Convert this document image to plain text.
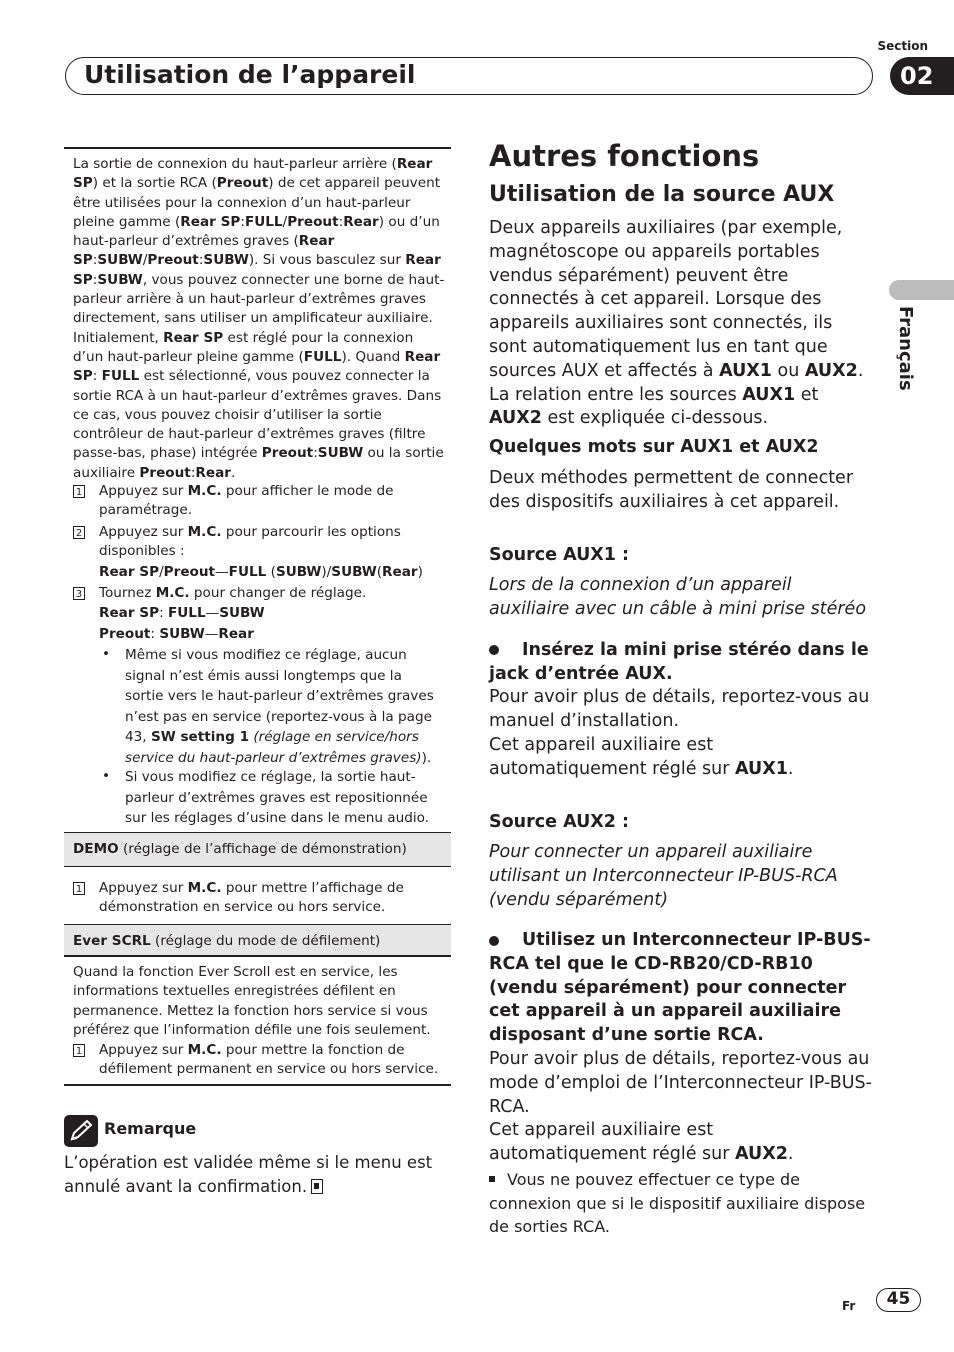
Section
Utilisation de l’appareil	02
Français
La sortie de connexion du haut-parleur arrière (Rear SP) et la sortie RCA (Preout) de cet appareil peuvent être utilisées pour la connexion d’un haut-parleur pleine gamme (Rear SP:FULL/Preout:Rear) ou d’un haut-parleur d’extrêmes graves (Rear SP:SUBW/Preout:SUBW). Si vous basculez sur Rear SP:SUBW, vous pouvez connecter une borne de haut-parleur arrière à un haut-parleur d’extrêmes graves directement, sans utiliser un amplificateur auxiliaire. Initialement, Rear SP est réglé pour la connexion d’un haut-parleur pleine gamme (FULL). Quand Rear SP: FULL est sélectionné, vous pouvez connecter la sortie RCA à un haut-parleur d’extrêmes graves. Dans ce cas, vous pouvez choisir d’utiliser la sortie contrôleur de haut-parleur d’extrêmes graves (filtre passe-bas, phase) intégrée Preout:SUBW ou la sortie auxiliaire Preout:Rear.
1 Appuyez sur M.C. pour afficher le mode de paramétrage.
2 Appuyez sur M.C. pour parcourir les options disponibles :
Rear SP/Preout—FULL (SUBW)/SUBW(Rear)
3 Tournez M.C. pour changer de réglage.
Rear SP: FULL—SUBW
Preout: SUBW—Rear
• Même si vous modifiez ce réglage, aucun signal n’est émis aussi longtemps que la sortie vers le haut-parleur d’extrêmes graves n’est pas en service (reportez-vous à la page 43, SW setting 1 (réglage en service/hors service du haut-parleur d’extrêmes graves)).
• Si vous modifiez ce réglage, la sortie haut-parleur d’extrêmes graves est repositionnée sur les réglages d’usine dans le menu audio.
DEMO (réglage de l’affichage de démonstration)
1 Appuyez sur M.C. pour mettre l’affichage de démonstration en service ou hors service.
Ever SCRL (réglage du mode de défilement)
Quand la fonction Ever Scroll est en service, les informations textuelles enregistrées défilent en permanence. Mettez la fonction hors service si vous préférez que l’information défile une fois seulement.
1 Appuyez sur M.C. pour mettre la fonction de défilement permanent en service ou hors service.
Remarque
L’opération est validée même si le menu est annulé avant la confirmation.
Autres fonctions
Utilisation de la source AUX
Deux appareils auxiliaires (par exemple, magnétoscope ou appareils portables vendus séparément) peuvent être connectés à cet appareil. Lorsque des appareils auxiliaires sont connectés, ils sont automatiquement lus en tant que sources AUX et affectés à AUX1 ou AUX2. La relation entre les sources AUX1 et AUX2 est expliquée ci-dessous.
Quelques mots sur AUX1 et AUX2
Deux méthodes permettent de connecter des dispositifs auxiliaires à cet appareil.
Source AUX1 :
Lors de la connexion d’un appareil auxiliaire avec un câble à mini prise stéréo
Insérez la mini prise stéréo dans le jack d’entrée AUX.
Pour avoir plus de détails, reportez-vous au manuel d’installation.
Cet appareil auxiliaire est automatiquement réglé sur AUX1.
Source AUX2 :
Pour connecter un appareil auxiliaire utilisant un Interconnecteur IP-BUS-RCA (vendu séparément)
Utilisez un Interconnecteur IP-BUS-RCA tel que le CD-RB20/CD-RB10 (vendu séparément) pour connecter cet appareil à un appareil auxiliaire disposant d’une sortie RCA.
Pour avoir plus de détails, reportez-vous au mode d’emploi de l’Interconnecteur IP-BUS-RCA.
Cet appareil auxiliaire est automatiquement réglé sur AUX2.
Vous ne pouvez effectuer ce type de connexion que si le dispositif auxiliaire dispose de sorties RCA.
Fr	45
